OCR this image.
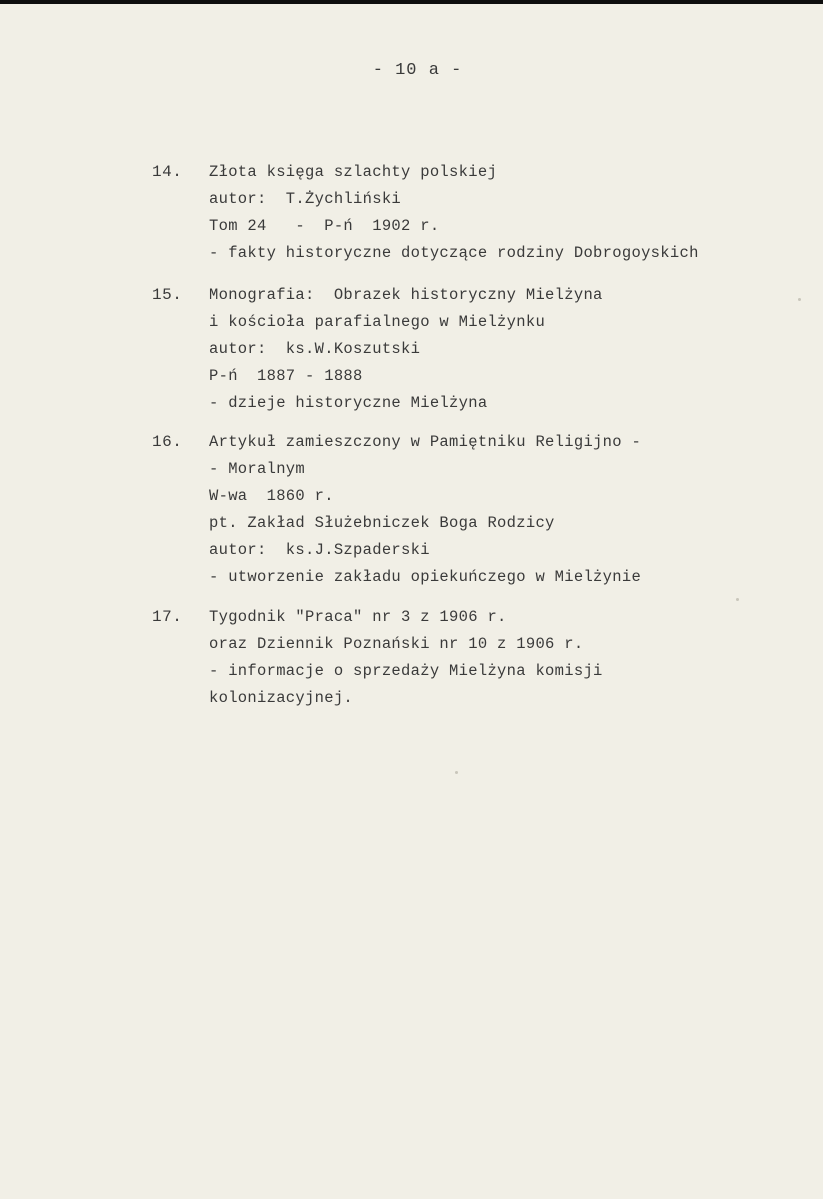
- 10 a -
14. Złota księga szlachty polskiej
autor:  T.Żychliński
Tom 24   -  P-ń  1902 r.
- fakty historyczne dotyczące rodziny Dobrogoyskich
15. Monografia:  Obrazek historyczny Mielżyna
i kościoła parafialnego w Mielżynku
autor:  ks.W.Koszutski
P-ń  1887 - 1888
- dzieje historyczne Mielżyna
16. Artykuł zamieszczony w Pamiętniku Religijno -
- Moralnym
W-wa  1860 r.
pt. Zakład Służebniczek Boga Rodzicy
autor:  ks.J.Szpaderski
- utworzenie zakładu opiekuńczego w Mielżynie
17. Tygodnik "Praca" nr 3 z 1906 r.
oraz Dziennik Poznański nr 10 z 1906 r.
- informacje o sprzedaży Mielżyna komisji
kolonizacyjnej.
